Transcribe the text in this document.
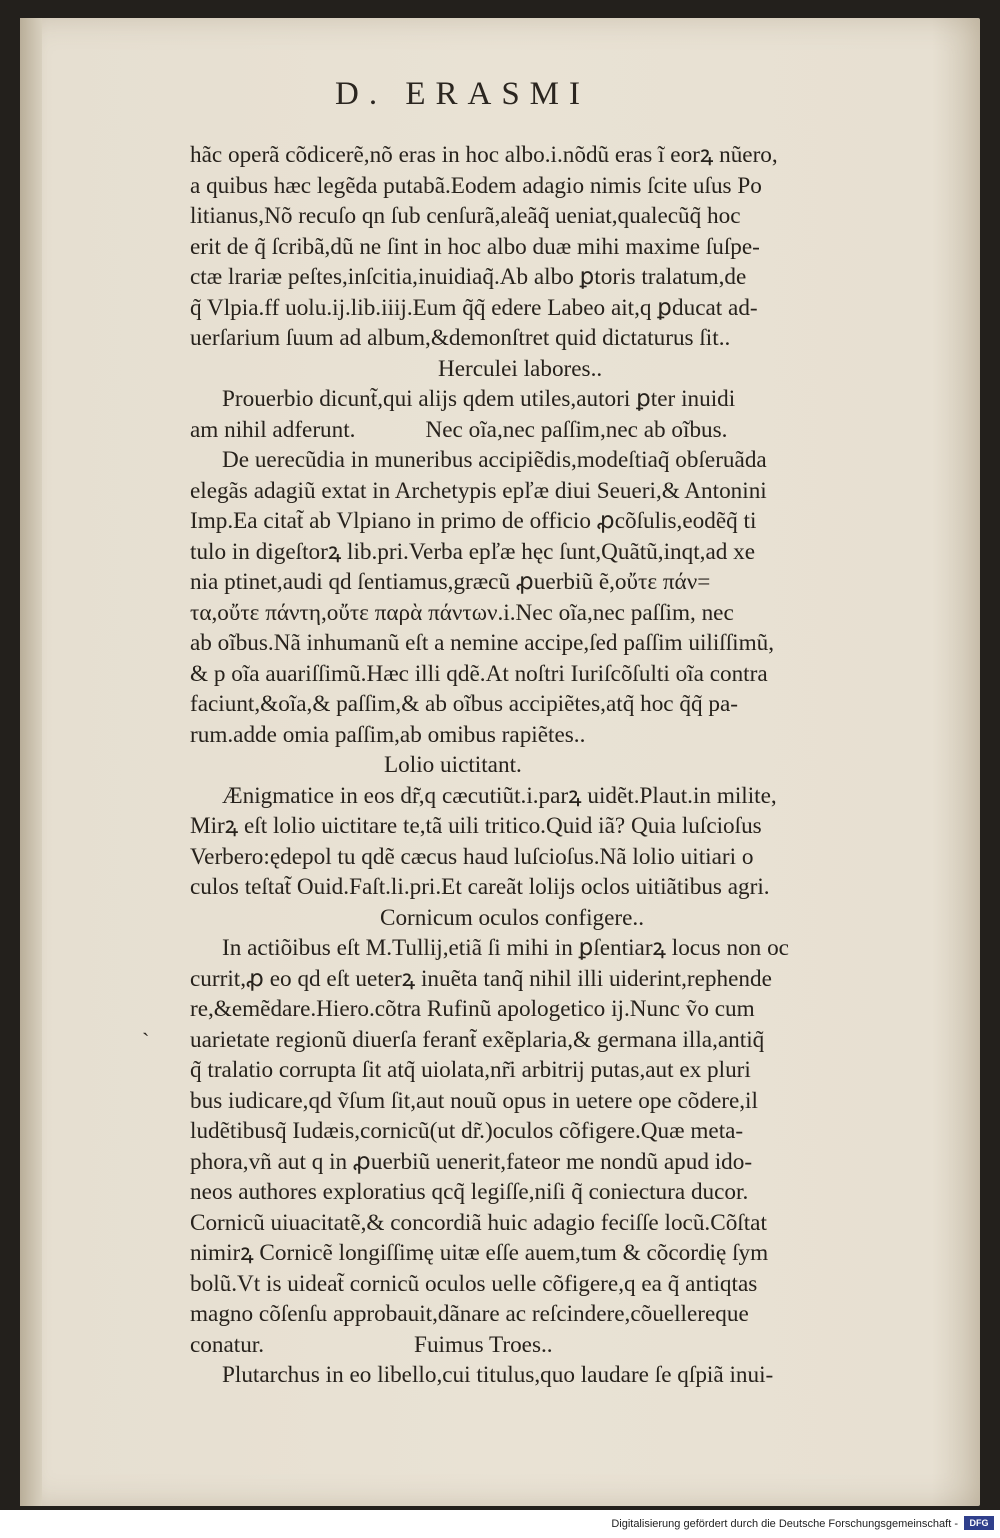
D. ERASMI
ˋ
hãc operã cõdicerẽ,nõ eras in hoc albo.i.nõdũ eras ĩ eorꝝ nũero,
a quibus hæc legẽda putabã.Eodem adagio nimis ſcite uſus Po
litianus,Nõ recuſo qn ſub cenſurã,aleãq̃ ueniat,qualecũq̃ hoc
erit de q̃ ſcribã,dũ ne ſint in hoc albo duæ mihi maxime ſuſpe-
ctæ lrariæ peſtes,inſcitia,inuidiaq̃.Ab albo ꝑtoris tralatum,de
q̃ Vlpia.ff uolu.ij.lib.iiij.Eum q̃q̃ edere Labeo ait,q ꝑducat ad-
uerſarium ſuum ad album,&demonſtret quid dictaturus ſit..
Herculei labores..
Prouerbio dicunt̃,qui alijs qdem utiles,autori ꝑter inuidi
am nihil adferunt.	Nec oĩa,nec paſſim,nec ab oĩbus.
De uerecũdia in muneribus accipiẽdis,modeſtiaq̃ obſeruãda
elegãs adagiũ extat in Archetypis epľæ diui Seueri,& Antonini
Imp.Ea citat̃ ab Vlpiano in primo de officio ꝓcõſulis,eodẽq̃ ti
tulo in digeſtorꝝ lib.pri.Verba epľæ hęc ſunt,Quãtũ,inqt,ad xe
nia ptinet,audi qd ſentiamus,græcũ ꝓuerbiũ ẽ,οὔτε πάν=
τα,οὔτε πάντη,οὔτε παρὰ πάντων.i.Nec oĩa,nec paſſim, nec
ab oĩbus.Nã inhumanũ eſt a nemine accipe,ſed paſſim uiliſſimũ,
& p oĩa auariſſimũ.Hæc illi qdẽ.At noſtri Iuriſcõſulti oĩa contra
faciunt,&oĩa,& paſſim,& ab oĩbus accipiẽtes,atq̃ hoc q̃q̃ pa-
rum.adde omia paſſim,ab omibus rapiẽtes..
Lolio uictitant.
Ænigmatice in eos dr̃,q cæcutiũt.i.parꝝ uidẽt.Plaut.in milite,
Mirꝝ eſt lolio uictitare te,tã uili tritico.Quid iã? Quia luſcioſus
Verbero:ędepol tu qdẽ cæcus haud luſcioſus.Nã lolio uitiari o
culos teſtat̃ Ouid.Faſt.li.pri.Et careãt lolijs oclos uitiãtibus agri.
Cornicum oculos configere..
In actiõibus eſt M.Tullij,etiã ſi mihi in ꝑſentiarꝝ locus non oc
currit,ꝓ eo qd eſt ueterꝝ inuẽta tanq̃ nihil illi uiderint,rephende
re,&emẽdare.Hiero.cõtra Rufinũ apologetico ij.Nunc ṽo cum
uarietate regionũ diuerſa ferant̃ exẽplaria,& germana illa,antiq̃
q̃ tralatio corrupta ſit atq̃ uiolata,nr̃i arbitrij putas,aut ex pluri
bus iudicare,qd ṽſum ſit,aut nouũ opus in uetere ope cõdere,il
ludẽtibusq̃ Iudæis,cornicũ(ut dr̃.)oculos cõfigere.Quæ meta-
phora,vñ aut q in ꝓuerbiũ uenerit,fateor me nondũ apud ido-
neos authores exploratius qcq̃ legiſſe,niſi q̃ coniectura ducor.
Cornicũ uiuacitatẽ,& concordiã huic adagio feciſſe locũ.Cõſtat
nimirꝝ Cornicẽ longiſſimę uitæ eſſe auem,tum & cõcordię ſym
bolũ.Vt is uideat̃ cornicũ oculos uelle cõfigere,q ea q̃ antiqtas
magno cõſenſu approbauit,dãnare ac reſcindere,cõuellereque
conatur.	Fuimus Troes..
Plutarchus in eo libello,cui titulus,quo laudare ſe qſpiã inui-
Digitalisierung gefördert durch die Deutsche Forschungsgemeinschaft -	DFG
